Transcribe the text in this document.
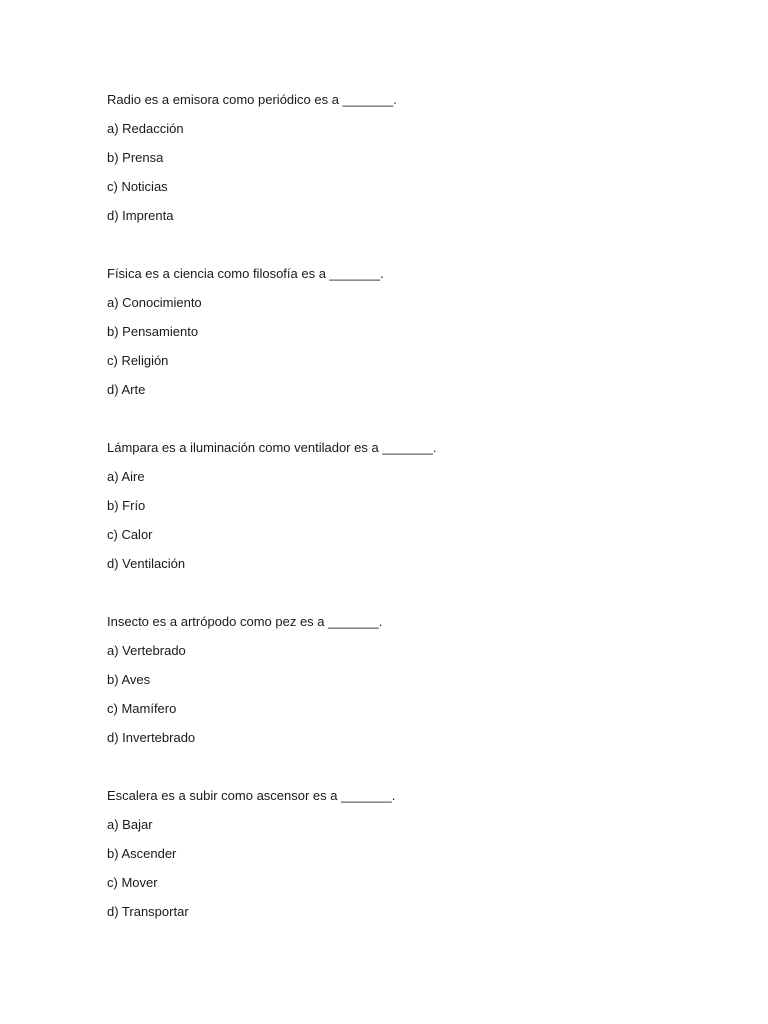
Radio es a emisora como periódico es a _______.
a) Redacción
b) Prensa
c) Noticias
d) Imprenta
Física es a ciencia como filosofía es a _______.
a) Conocimiento
b) Pensamiento
c) Religión
d) Arte
Lámpara es a iluminación como ventilador es a _______.
a) Aire
b) Frío
c) Calor
d) Ventilación
Insecto es a artrópodo como pez es a _______.
a) Vertebrado
b) Aves
c) Mamífero
d) Invertebrado
Escalera es a subir como ascensor es a _______.
a) Bajar
b) Ascender
c) Mover
d) Transportar
